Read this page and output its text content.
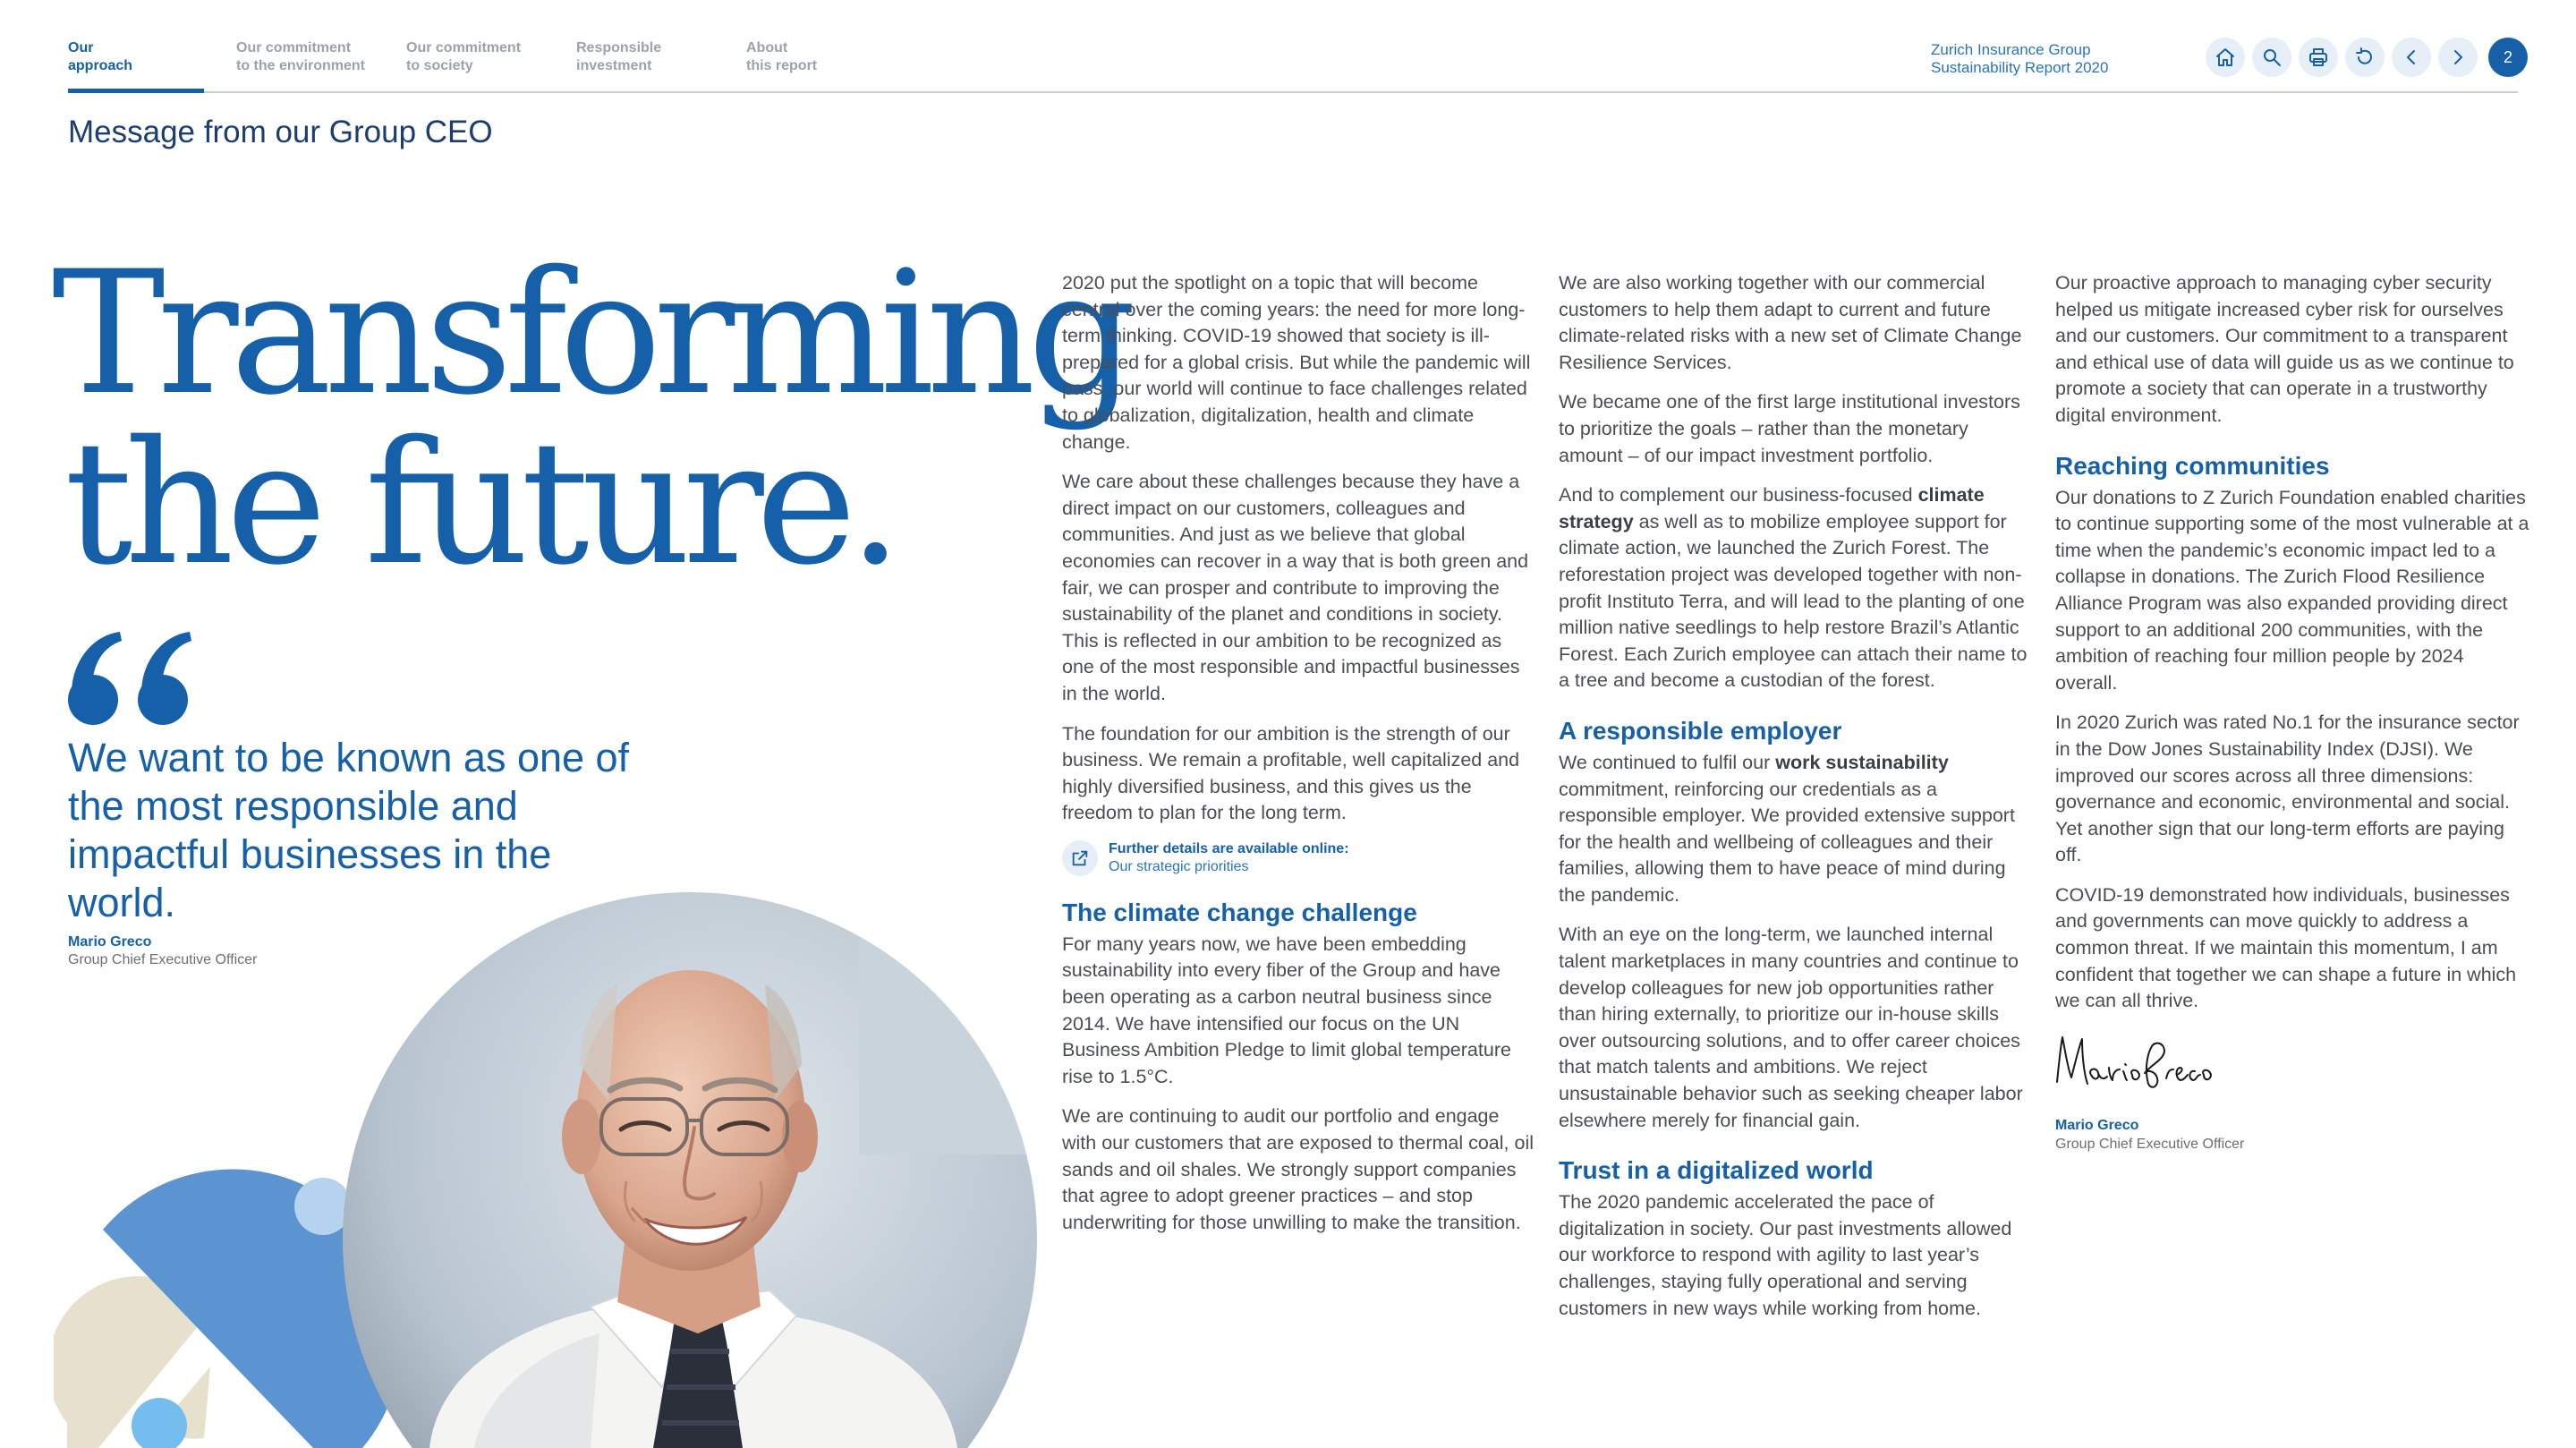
Our
approach
Our commitment
to the environment
Our commitment
to society
Responsible
investment
About
this report
Zurich Insurance Group
Sustainability Report 2020
2
Message from our Group CEO
Transforming
the future.
We want to be known as one of the most responsible and impactful businesses in the world.
Mario Greco
Group Chief Executive Officer

2020 put the spotlight on a topic that will become central over the coming years: the need for more long-term thinking. COVID-19 showed that society is ill-prepared for a global crisis. But while the pandemic will pass, our world will continue to face challenges related to globalization, digitalization, health and climate change.

We care about these challenges because they have a direct impact on our customers, colleagues and communities. And just as we believe that global economies can recover in a way that is both green and fair, we can prosper and contribute to improving the sustainability of the planet and conditions in society. This is reflected in our ambition to be recognized as one of the most responsible and impactful businesses in the world.

The foundation for our ambition is the strength of our business. We remain a profitable, well capitalized and highly diversified business, and this gives us the freedom to plan for the long term.

Further details are available online:
Our strategic priorities
The climate change challenge

For many years now, we have been embedding sustainability into every fiber of the Group and have been operating as a carbon neutral business since 2014. We have intensified our focus on the UN Business Ambition Pledge to limit global temperature rise to 1.5°C.

We are continuing to audit our portfolio and engage with our customers that are exposed to thermal coal, oil sands and oil shales. We strongly support companies that agree to adopt greener practices – and stop underwriting for those unwilling to make the transition.

We are also working together with our commercial customers to help them adapt to current and future climate-related risks with a new set of Climate Change Resilience Services.

We became one of the first large institutional investors to prioritize the goals – rather than the monetary amount – of our impact investment portfolio.

And to complement our business-focused climate strategy as well as to mobilize employee support for climate action, we launched the Zurich Forest. The reforestation project was developed together with non-profit Instituto Terra, and will lead to the planting of one million native seedlings to help restore Brazil’s Atlantic Forest. Each Zurich employee can attach their name to a tree and become a custodian of the forest.

A responsible employer

We continued to fulfil our work sustainability commitment, reinforcing our credentials as a responsible employer. We provided extensive support for the health and wellbeing of colleagues and their families, allowing them to have peace of mind during the pandemic.

With an eye on the long-term, we launched internal talent marketplaces in many countries and continue to develop colleagues for new job opportunities rather than hiring externally, to prioritize our in-house skills over outsourcing solutions, and to offer career choices that match talents and ambitions. We reject unsustainable behavior such as seeking cheaper labor elsewhere merely for financial gain.

Trust in a digitalized world

The 2020 pandemic accelerated the pace of digitalization in society. Our past investments allowed our workforce to respond with agility to last year’s challenges, staying fully operational and serving customers in new ways while working from home.

Our proactive approach to managing cyber security helped us mitigate increased cyber risk for ourselves and our customers. Our commitment to a transparent and ethical use of data will guide us as we continue to promote a society that can operate in a trustworthy digital environment.

Reaching communities

Our donations to Z Zurich Foundation enabled charities to continue supporting some of the most vulnerable at a time when the pandemic’s economic impact led to a collapse in donations. The Zurich Flood Resilience Alliance Program was also expanded providing direct support to an additional 200 communities, with the ambition of reaching four million people by 2024 overall.

In 2020 Zurich was rated No.1 for the insurance sector in the Dow Jones Sustainability Index (DJSI). We improved our scores across all three dimensions: governance and economic, environmental and social. Yet another sign that our long-term efforts are paying off.

COVID-19 demonstrated how individuals, businesses and governments can move quickly to address a common threat. If we maintain this momentum, I am confident that together we can shape a future in which we can all thrive.

Mario Greco
Group Chief Executive Officer
